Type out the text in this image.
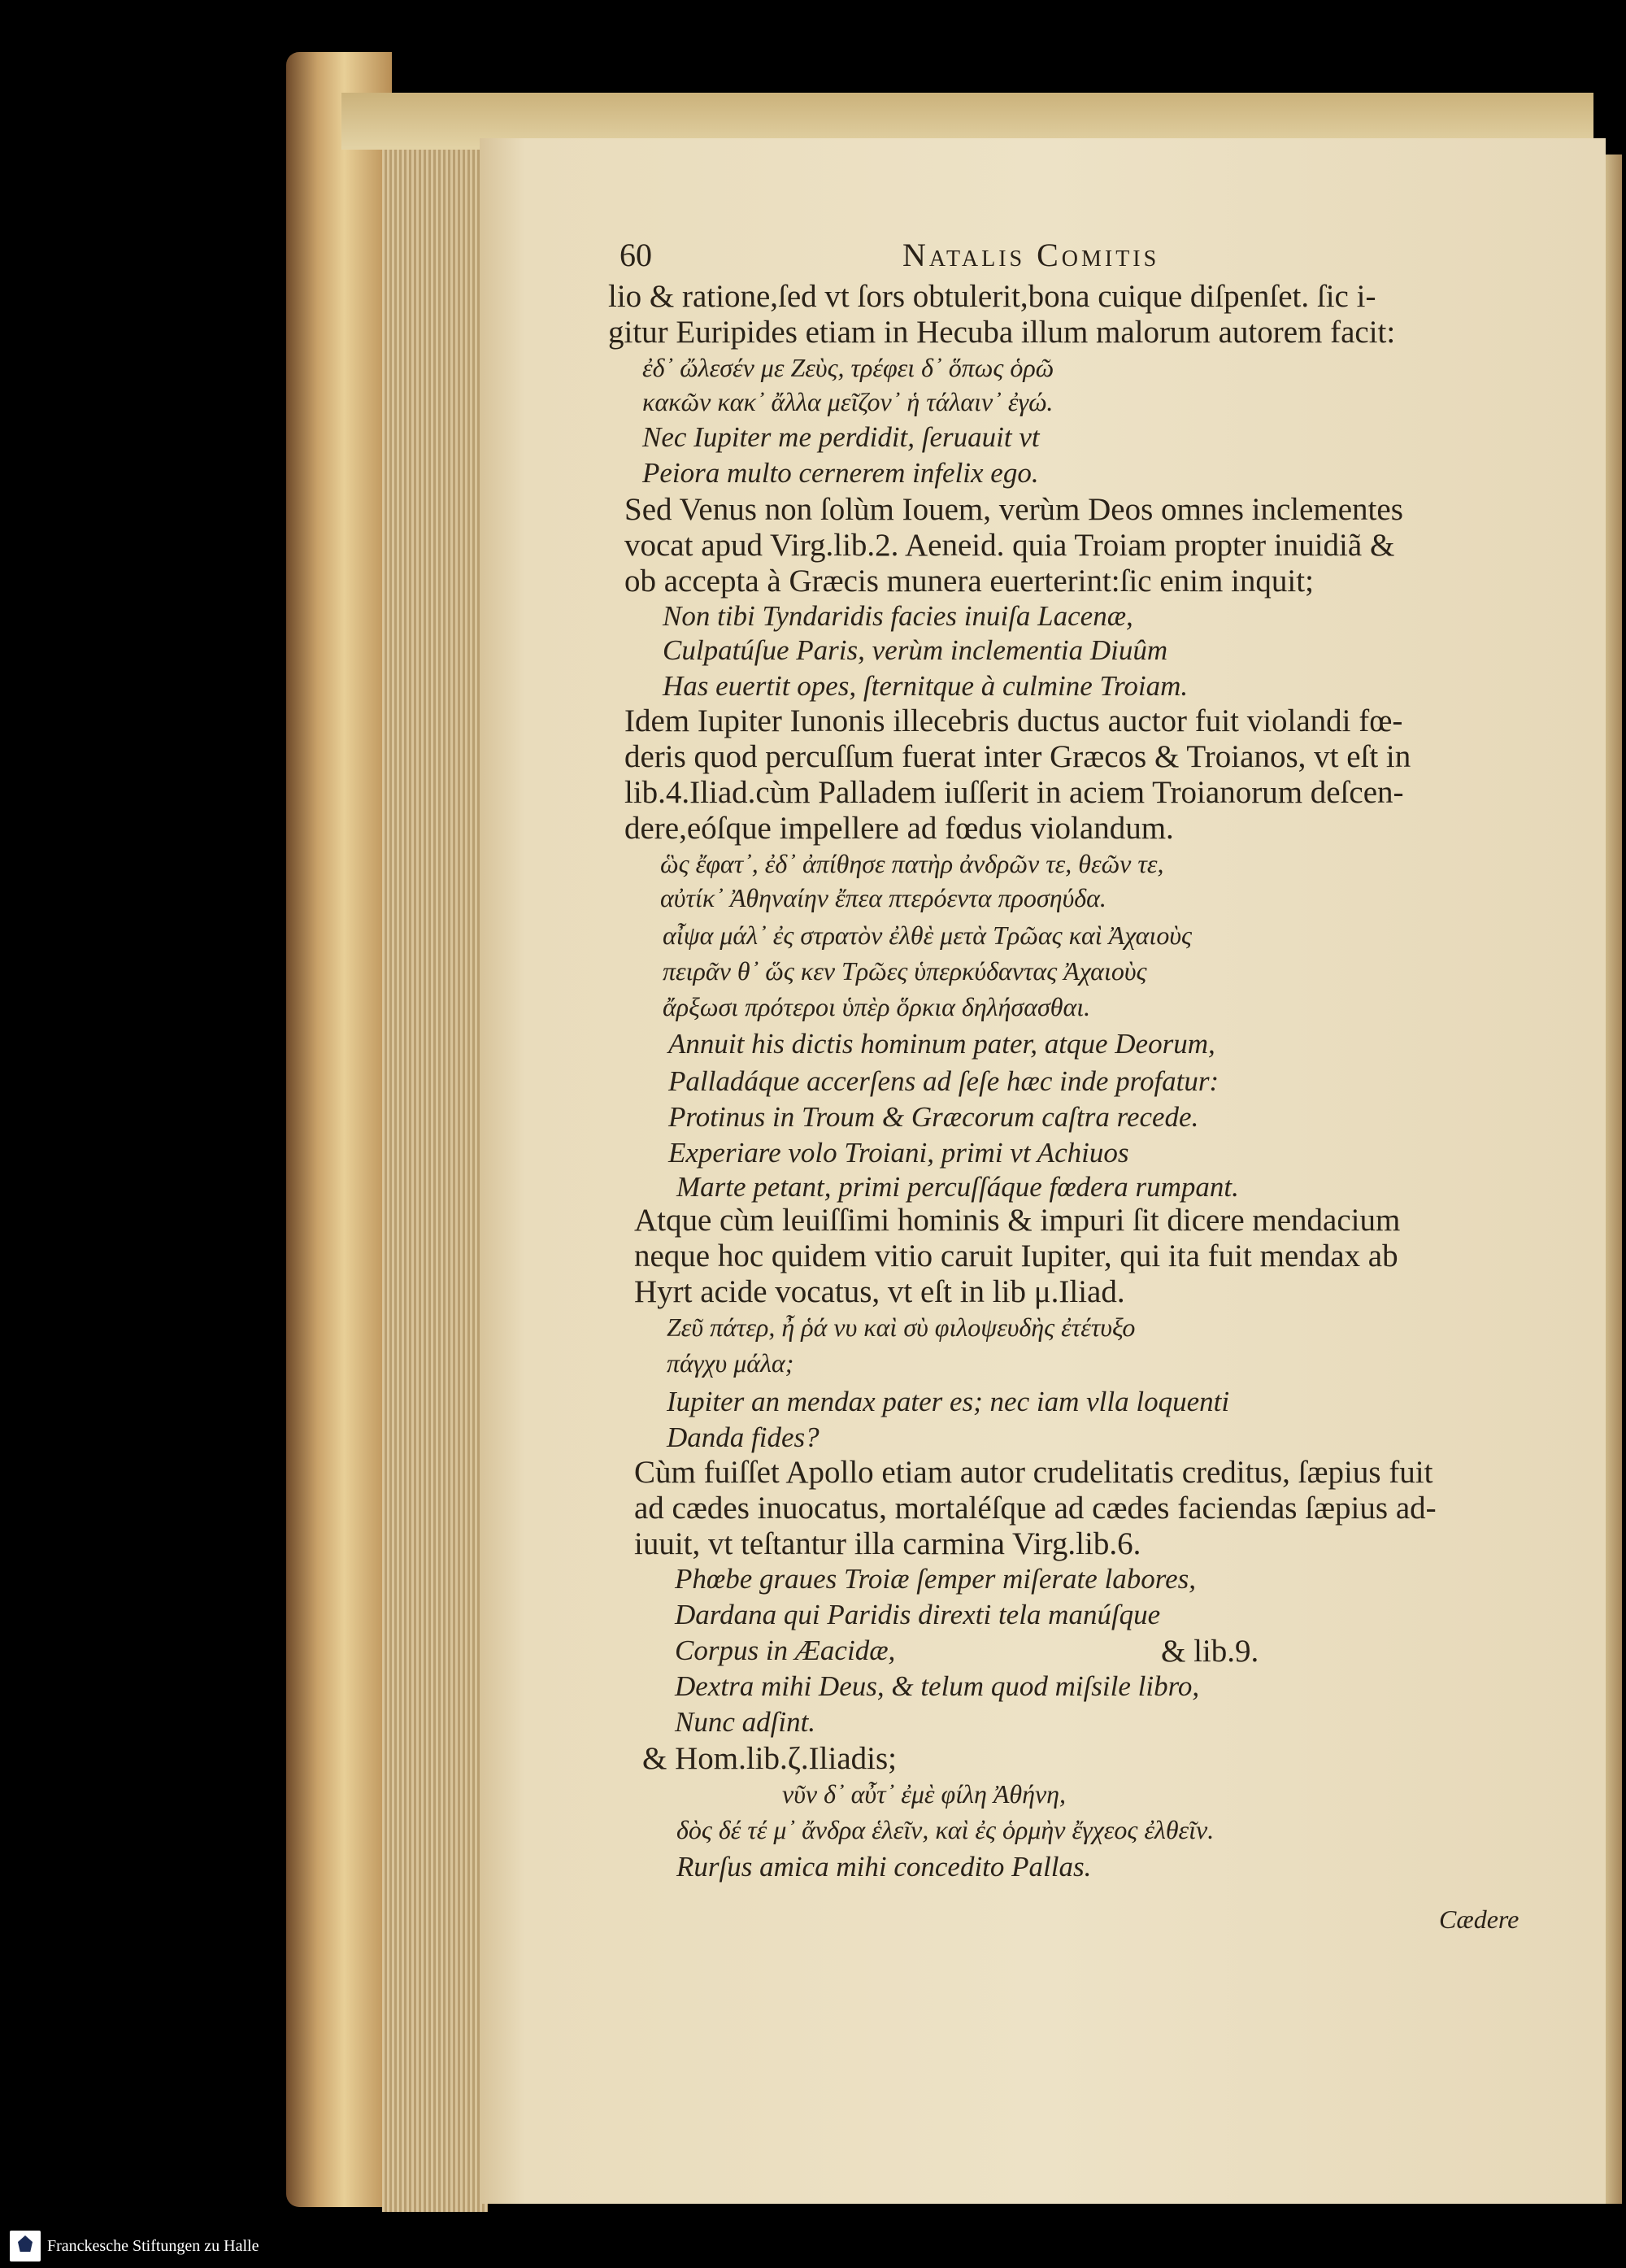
60	Natalis Comitis
lio & ratione,ſed vt ſors obtulerit,bona cuique diſpenſet. ſic i-
gitur Euripides etiam in Hecuba illum malorum autorem facit:
ἐδ᾽ ὤλεσέν με Ζεὺς, τρέφει δ᾽ ὅπως ὁρῶ
κακῶν κακ᾽ ἄλλα μεῖζον᾽ ἡ τάλαιν᾽ ἐγώ.
Nec Iupiter me perdidit, ſeruauit vt
Peiora multo cernerem infelix ego.
Sed Venus non ſolùm Iouem, verùm Deos omnes inclementes
vocat apud Virg.lib.2. Aeneid. quia Troiam propter inuidiã &
ob accepta à Græcis munera euerterint:ſic enim inquit;
Non tibi Tyndaridis facies inuiſa Lacenæ,
Culpatúſue Paris, verùm inclementia Diuûm
Has euertit opes, ſternitque à culmine Troiam.
Idem Iupiter Iunonis illecebris ductus auctor fuit violandi fœ-
deris quod percuſſum fuerat inter Græcos & Troianos, vt eſt in
lib.4.Iliad.cùm Palladem iuſſerit in aciem Troianorum deſcen-
dere,eóſque impellere ad fœdus violandum.
ὣς ἔφατ᾽, ἐδ᾽ ἀπίθησε πατὴρ ἀνδρῶν τε, θεῶν τε,
αὐτίκ᾽ Ἀθηναίην ἔπεα πτερόεντα προσηύδα.
αἶψα μάλ᾽ ἐς στρατὸν ἐλθὲ μετὰ Τρῶας καὶ Ἀχαιοὺς
πειρᾶν θ᾽ ὥς κεν Τρῶες ὑπερκύδαντας Ἀχαιοὺς
ἄρξωσι πρότεροι ὑπὲρ ὅρκια δηλήσασθαι.
Annuit his dictis hominum pater, atque Deorum,
Palladáque accerſens ad ſeſe hæc inde profatur:
Protinus in Troum & Græcorum caſtra recede.
Experiare volo Troiani, primi vt Achiuos
Marte petant, primi percuſſáque fœdera rumpant.
Atque cùm leuiſſimi hominis & impuri ſit dicere mendacium
neque hoc quidem vitio caruit Iupiter, qui ita fuit mendax ab
Hyrt acide vocatus, vt eſt in lib μ.Iliad.
Ζεῦ πάτερ, ἦ ῥά νυ καὶ σὺ φιλοψευδὴς ἐτέτυξο
πάγχυ μάλα;
Iupiter an mendax pater es; nec iam vlla loquenti
Danda fides?
Cùm fuiſſet Apollo etiam autor crudelitatis creditus, ſæpius fuit
ad cædes inuocatus, mortaléſque ad cædes faciendas ſæpius ad-
iuuit, vt teſtantur illa carmina Virg.lib.6.
Phœbe graues Troiæ ſemper miſerate labores,
Dardana qui Paridis direxti tela manúſque
Corpus in Æacidæ,	& lib.9.
Dextra mihi Deus, & telum quod miſsile libro,
Nunc adſint.
& Hom.lib.ζ.Iliadis;
νῦν δ᾽ αὖτ᾽ ἐμὲ φίλη Ἀθήνη,
δὸς δέ τέ μ᾽ ἄνδρα ἑλεῖν, καὶ ἐς ὁρμὴν ἔγχεος ἐλθεῖν.
Rurſus amica mihi concedito Pallas.
Cædere
Franckesche Stiftungen zu Halle
